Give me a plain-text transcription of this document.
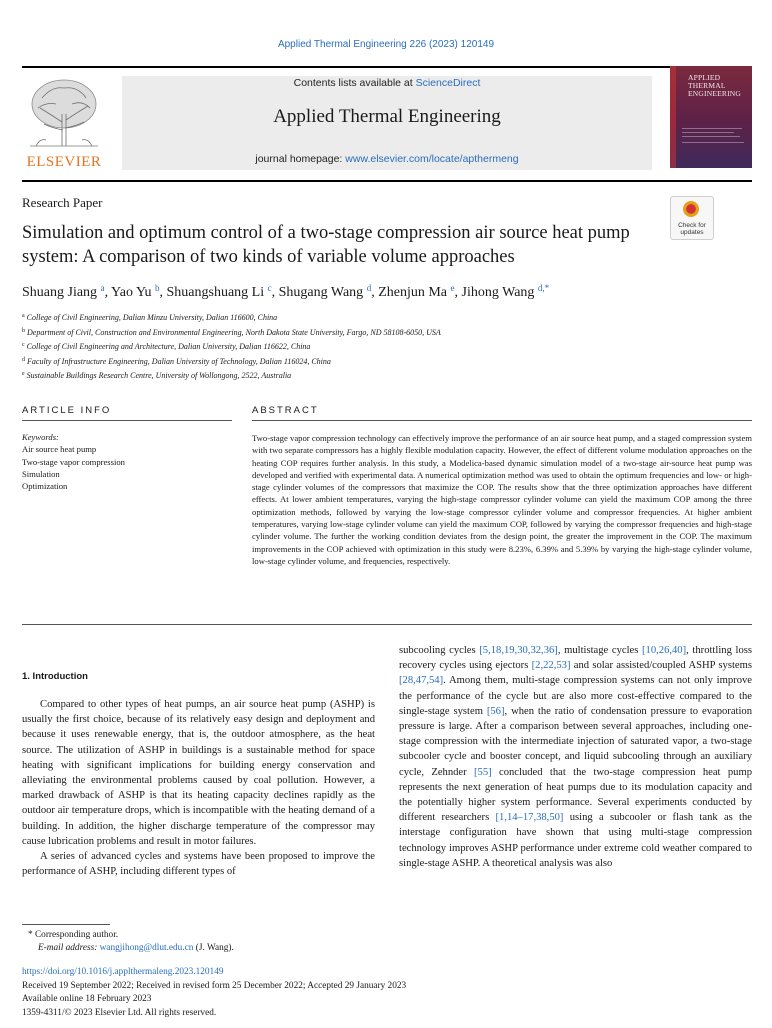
Applied Thermal Engineering 226 (2023) 120149
ELSEVIER
Contents lists available at ScienceDirect
Applied Thermal Engineering
journal homepage: www.elsevier.com/locate/apthermeng
APPLIED
THERMAL
ENGINEERING
Research Paper
Simulation and optimum control of a two-stage compression air source heat pump system: A comparison of two kinds of variable volume approaches
Check for
updates
Shuang Jiang $^a$, Yao Yu $^b$, Shuangshuang Li $^c$, Shugang Wang $^d$, Zhenjun Ma $^e$, Jihong Wang $^{d,*}$
$^a$ College of Civil Engineering, Dalian Minzu University, Dalian 116600, China
$^b$ Department of Civil, Construction and Environmental Engineering, North Dakota State University, Fargo, ND 58108-6050, USA
$^c$ College of Civil Engineering and Architecture, Dalian University, Dalian 116622, China
$^d$ Faculty of Infrastructure Engineering, Dalian University of Technology, Dalian 116024, China
$^e$ Sustainable Buildings Research Centre, University of Wollongong, 2522, Australia
ARTICLE INFO	ABSTRACT
Keywords:
Air source heat pump
Two-stage vapor compression
Simulation
Optimization
Two-stage vapor compression technology can effectively improve the performance of an air source heat pump, and a staged compression system with two separate compressors has a highly flexible modulation capacity. However, the effect of different volume modulation approaches on the heating COP requires further analysis. In this study, a Modelica-based dynamic simulation model of a two-stage air-source heat pump was developed and verified with experimental data. A numerical optimization method was used to obtain the optimum frequencies and low- or high-stage cylinder volumes of the compressors that maximize the COP. The results show that the three optimization approaches have different effects. At lower ambient temperatures, varying the high-stage compressor cylinder volume can yield the maximum COP among the three optimization methods, followed by varying the low-stage compressor cylinder volume and compressor frequencies. At higher ambient temperatures, varying low-stage cylinder volume can yield the maximum COP, followed by varying the compressor frequencies and high-stage cylinder volume. The further the working condition deviates from the design point, the greater the improvement in the COP. The maximum improvements in the COP achieved with optimization in this study were 8.23%, 6.39% and 5.39% by varying the high-stage cylinder volume, low-stage cylinder volume, and frequencies, respectively.
1. Introduction

Compared to other types of heat pumps, an air source heat pump (ASHP) is usually the first choice, because of its relatively easy design and deployment and because it uses renewable energy, that is, the outdoor atmosphere, as the heat source. The utilization of ASHP in buildings is a sustainable method for space heating with significant implications for building energy conservation and alleviating the environmental problems caused by coal pollution. However, a marked drawback of ASHP is that its heating capacity declines rapidly as the outdoor air temperature drops, which is incompatible with the heating demand of a building. In addition, the higher discharge temperature of the compressor may cause lubrication problems and result in motor failures.

A series of advanced cycles and systems have been proposed to improve the performance of ASHP, including different types of

subcooling cycles [5,18,19,30,32,36], multistage cycles [10,26,40], throttling loss recovery cycles using ejectors [2,22,53] and solar assisted/coupled ASHP systems [28,47,54]. Among them, multi-stage compression systems can not only improve the performance of the cycle but are also more cost-effective compared to the single-stage system [56], when the ratio of condensation pressure to evaporation pressure is large. After a comparison between several approaches, including one-stage compression with the intermediate injection of saturated vapor, a two-stage subcooler cycle and booster concept, and liquid subcooling through an auxiliary cycle, Zehnder [55] concluded that the two-stage compression heat pump represents the next generation of heat pumps due to its modulation capacity and the potentially higher system performance. Several experiments conducted by different researchers [1,14–17,38,50] using a subcooler or flash tank as the interstage configuration have shown that using multi-stage compression technology improves ASHP performance under extreme cold weather compared to single-stage ASHP. A theoretical analysis was also

* Corresponding author.
E-mail address: wangjihong@dlut.edu.cn (J. Wang).
https://doi.org/10.1016/j.applthermaleng.2023.120149
Received 19 September 2022; Received in revised form 25 December 2022; Accepted 29 January 2023
Available online 18 February 2023
1359-4311/© 2023 Elsevier Ltd. All rights reserved.
